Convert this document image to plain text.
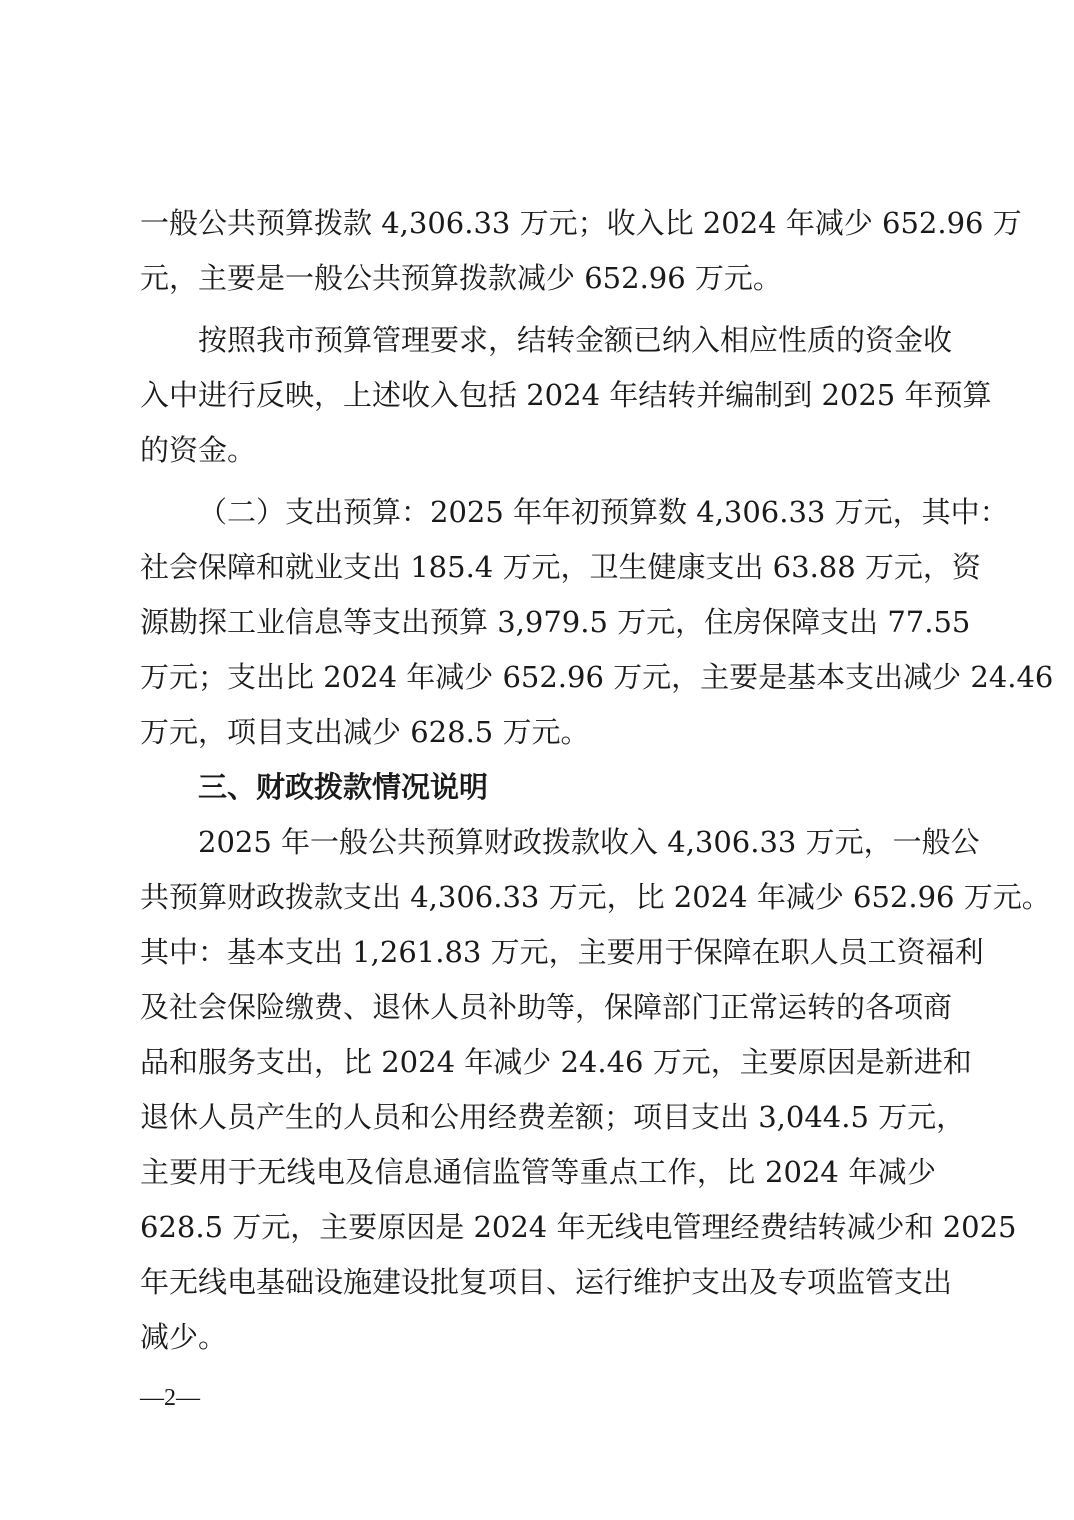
一般公共预算拨款 4,306.33 万元；收入比 2024 年减少 652.96 万
元，主要是一般公共预算拨款减少 652.96 万元。
按照我市预算管理要求，结转金额已纳入相应性质的资金收
入中进行反映，上述收入包括 2024 年结转并编制到 2025 年预算
的资金。
（二）支出预算：2025 年年初预算数 4,306.33 万元，其中：
社会保障和就业支出 185.4 万元，卫生健康支出 63.88 万元，资
源勘探工业信息等支出预算 3,979.5 万元，住房保障支出 77.55
万元；支出比 2024 年减少 652.96 万元，主要是基本支出减少 24.46
万元，项目支出减少 628.5 万元。
三、财政拨款情况说明
2025 年一般公共预算财政拨款收入 4,306.33 万元，一般公
共预算财政拨款支出 4,306.33 万元，比 2024 年减少 652.96 万元。
其中：基本支出 1,261.83 万元，主要用于保障在职人员工资福利
及社会保险缴费、退休人员补助等，保障部门正常运转的各项商
品和服务支出，比 2024 年减少 24.46 万元，主要原因是新进和
退休人员产生的人员和公用经费差额；项目支出 3,044.5 万元，
主要用于无线电及信息通信监管等重点工作，比 2024 年减少
628.5 万元，主要原因是 2024 年无线电管理经费结转减少和 2025
年无线电基础设施建设批复项目、运行维护支出及专项监管支出
减少。
—2—
